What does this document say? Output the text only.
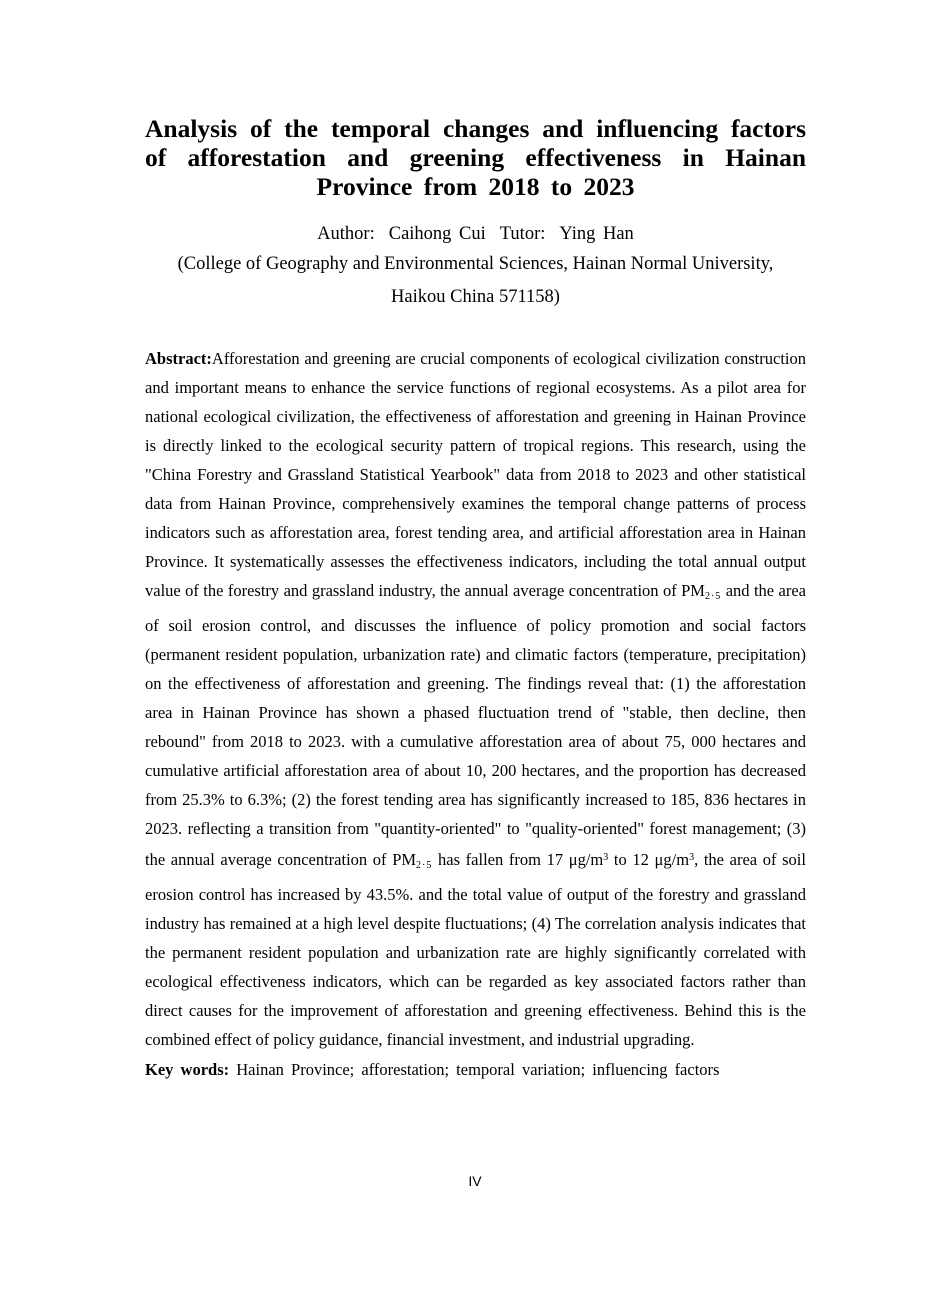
Analysis of the temporal changes and influencing factors of afforestation and greening effectiveness in Hainan Province from 2018 to 2023
Author: Caihong Cui Tutor: Ying Han
(College of Geography and Environmental Sciences, Hainan Normal University,
Haikou China 571158)
Abstract:Afforestation and greening are crucial components of ecological civilization construction and important means to enhance the service functions of regional ecosystems. As a pilot area for national ecological civilization, the effectiveness of afforestation and greening in Hainan Province is directly linked to the ecological security pattern of tropical regions. This research, using the "China Forestry and Grassland Statistical Yearbook" data from 2018 to 2023 and other statistical data from Hainan Province, comprehensively examines the temporal change patterns of process indicators such as afforestation area, forest tending area, and artificial afforestation area in Hainan Province. It systematically assesses the effectiveness indicators, including the total annual output value of the forestry and grassland industry, the annual average concentration of $PM_{2\cdot 5}$ and the area of soil erosion control, and discusses the influence of policy promotion and social factors (permanent resident population, urbanization rate) and climatic factors (temperature, precipitation) on the effectiveness of afforestation and greening. The findings reveal that: (1) the afforestation area in Hainan Province has shown a phased fluctuation trend of "stable, then decline, then rebound" from 2018 to 2023. with a cumulative afforestation area of about 75, 000 hectares and cumulative artificial afforestation area of about 10, 200 hectares, and the proportion has decreased from 25.3% to 6.3%; (2) the forest tending area has significantly increased to 185, 836 hectares in 2023. reflecting a transition from "quantity-oriented" to "quality-oriented" forest management; (3) the annual average concentration of $PM_{2\cdot 5}$ has fallen from 17 $\mu g/m^3$ to 12 $\mu g/m^3$, the area of soil erosion control has increased by 43.5%. and the total value of output of the forestry and grassland industry has remained at a high level despite fluctuations; (4) The correlation analysis indicates that the permanent resident population and urbanization rate are highly significantly correlated with ecological effectiveness indicators, which can be regarded as key associated factors rather than direct causes for the improvement of afforestation and greening effectiveness. Behind this is the combined effect of policy guidance, financial investment, and industrial upgrading.
Key words: Hainan Province; afforestation; temporal variation; influencing factors
IV
